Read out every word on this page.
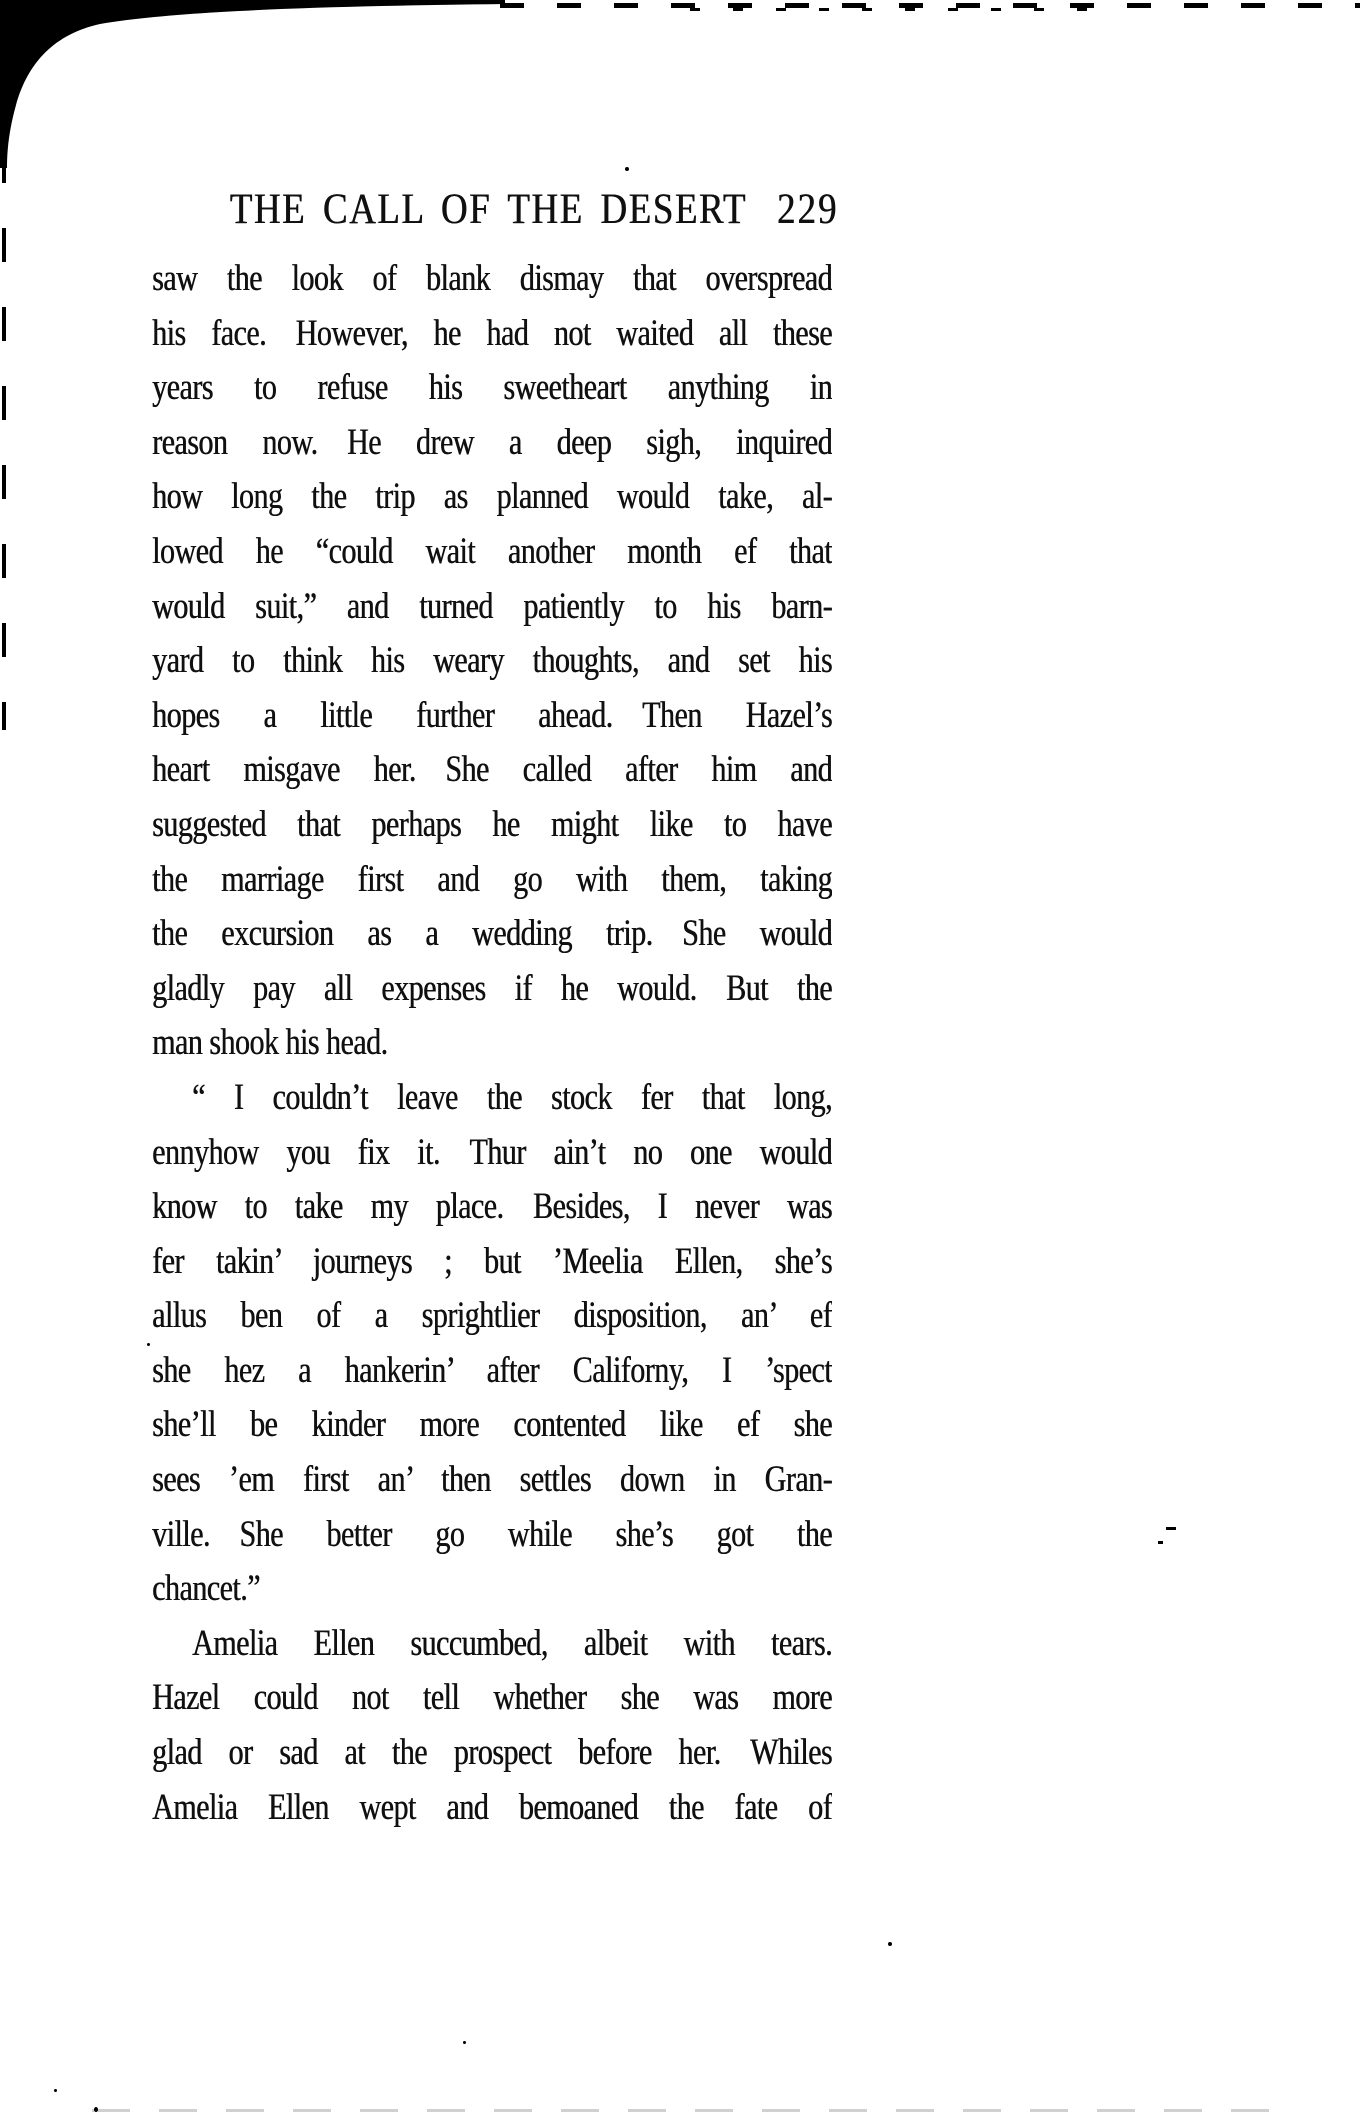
THE CALL OF THE DESERT 229
saw the look of blank dismay that overspread
his face. However, he had not waited all these
years to refuse his sweetheart anything in
reason now. He drew a deep sigh, inquired
how long the trip as planned would take, al-
lowed he “could wait another month ef that
would suit,” and turned patiently to his barn-
yard to think his weary thoughts, and set his
hopes a little further ahead. Then Hazel’s
heart misgave her. She called after him and
suggested that perhaps he might like to have
the marriage first and go with them, taking
the excursion as a wedding trip. She would
gladly pay all expenses if he would. But the
man shook his head.
“ I couldn’t leave the stock fer that long,
ennyhow you fix it. Thur ain’t no one would
know to take my place. Besides, I never was
fer takin’ journeys ; but ’Meelia Ellen, she’s
allus ben of a sprightlier disposition, an’ ef
she hez a hankerin’ after Californy, I ’spect
she’ll be kinder more contented like ef she
sees ’em first an’ then settles down in Gran-
ville. She better go while she’s got the
chancet.”
Amelia Ellen succumbed, albeit with tears.
Hazel could not tell whether she was more
glad or sad at the prospect before her. Whiles
Amelia Ellen wept and bemoaned the fate of
